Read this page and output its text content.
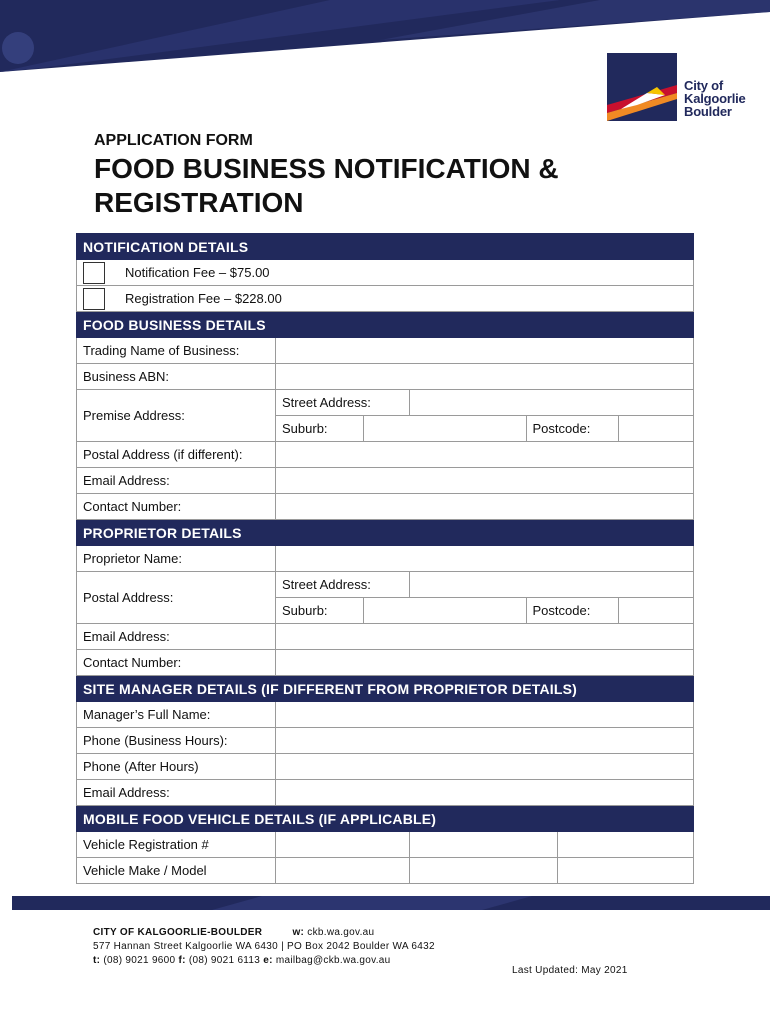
City of
Kalgoorlie
Boulder
APPLICATION FORM
FOOD BUSINESS NOTIFICATION &
REGISTRATION
NOTIFICATION DETAILS
Notification Fee – $75.00
Registration Fee – $228.00
FOOD BUSINESS DETAILS
Trading Name of Business:	
Business ABN:	
Premise Address:	
Street Address:	

Suburb:		Postcode:	

Postal Address (if different):	
Email Address:	
Contact Number:	
PROPRIETOR DETAILS
Proprietor Name:	
Postal Address:	
Street Address:	

Suburb:		Postcode:	

Email Address:	
Contact Number:	
SITE MANAGER DETAILS (IF DIFFERENT FROM PROPRIETOR DETAILS)
Manager’s Full Name:	
Phone (Business Hours):	
Phone (After Hours)	
Email Address:	
MOBILE FOOD VEHICLE DETAILS (IF APPLICABLE)
Vehicle Registration #	

Vehicle Make / Model	

CITY OF KALGOORLIE-BOULDER	w: ckb.wa.gov.au
577 Hannan Street Kalgoorlie WA 6430 | PO Box 2042 Boulder WA 6432
t: (08) 9021 9600 f: (08) 9021 6113 e: mailbag@ckb.wa.gov.au
Last Updated: May 2021
